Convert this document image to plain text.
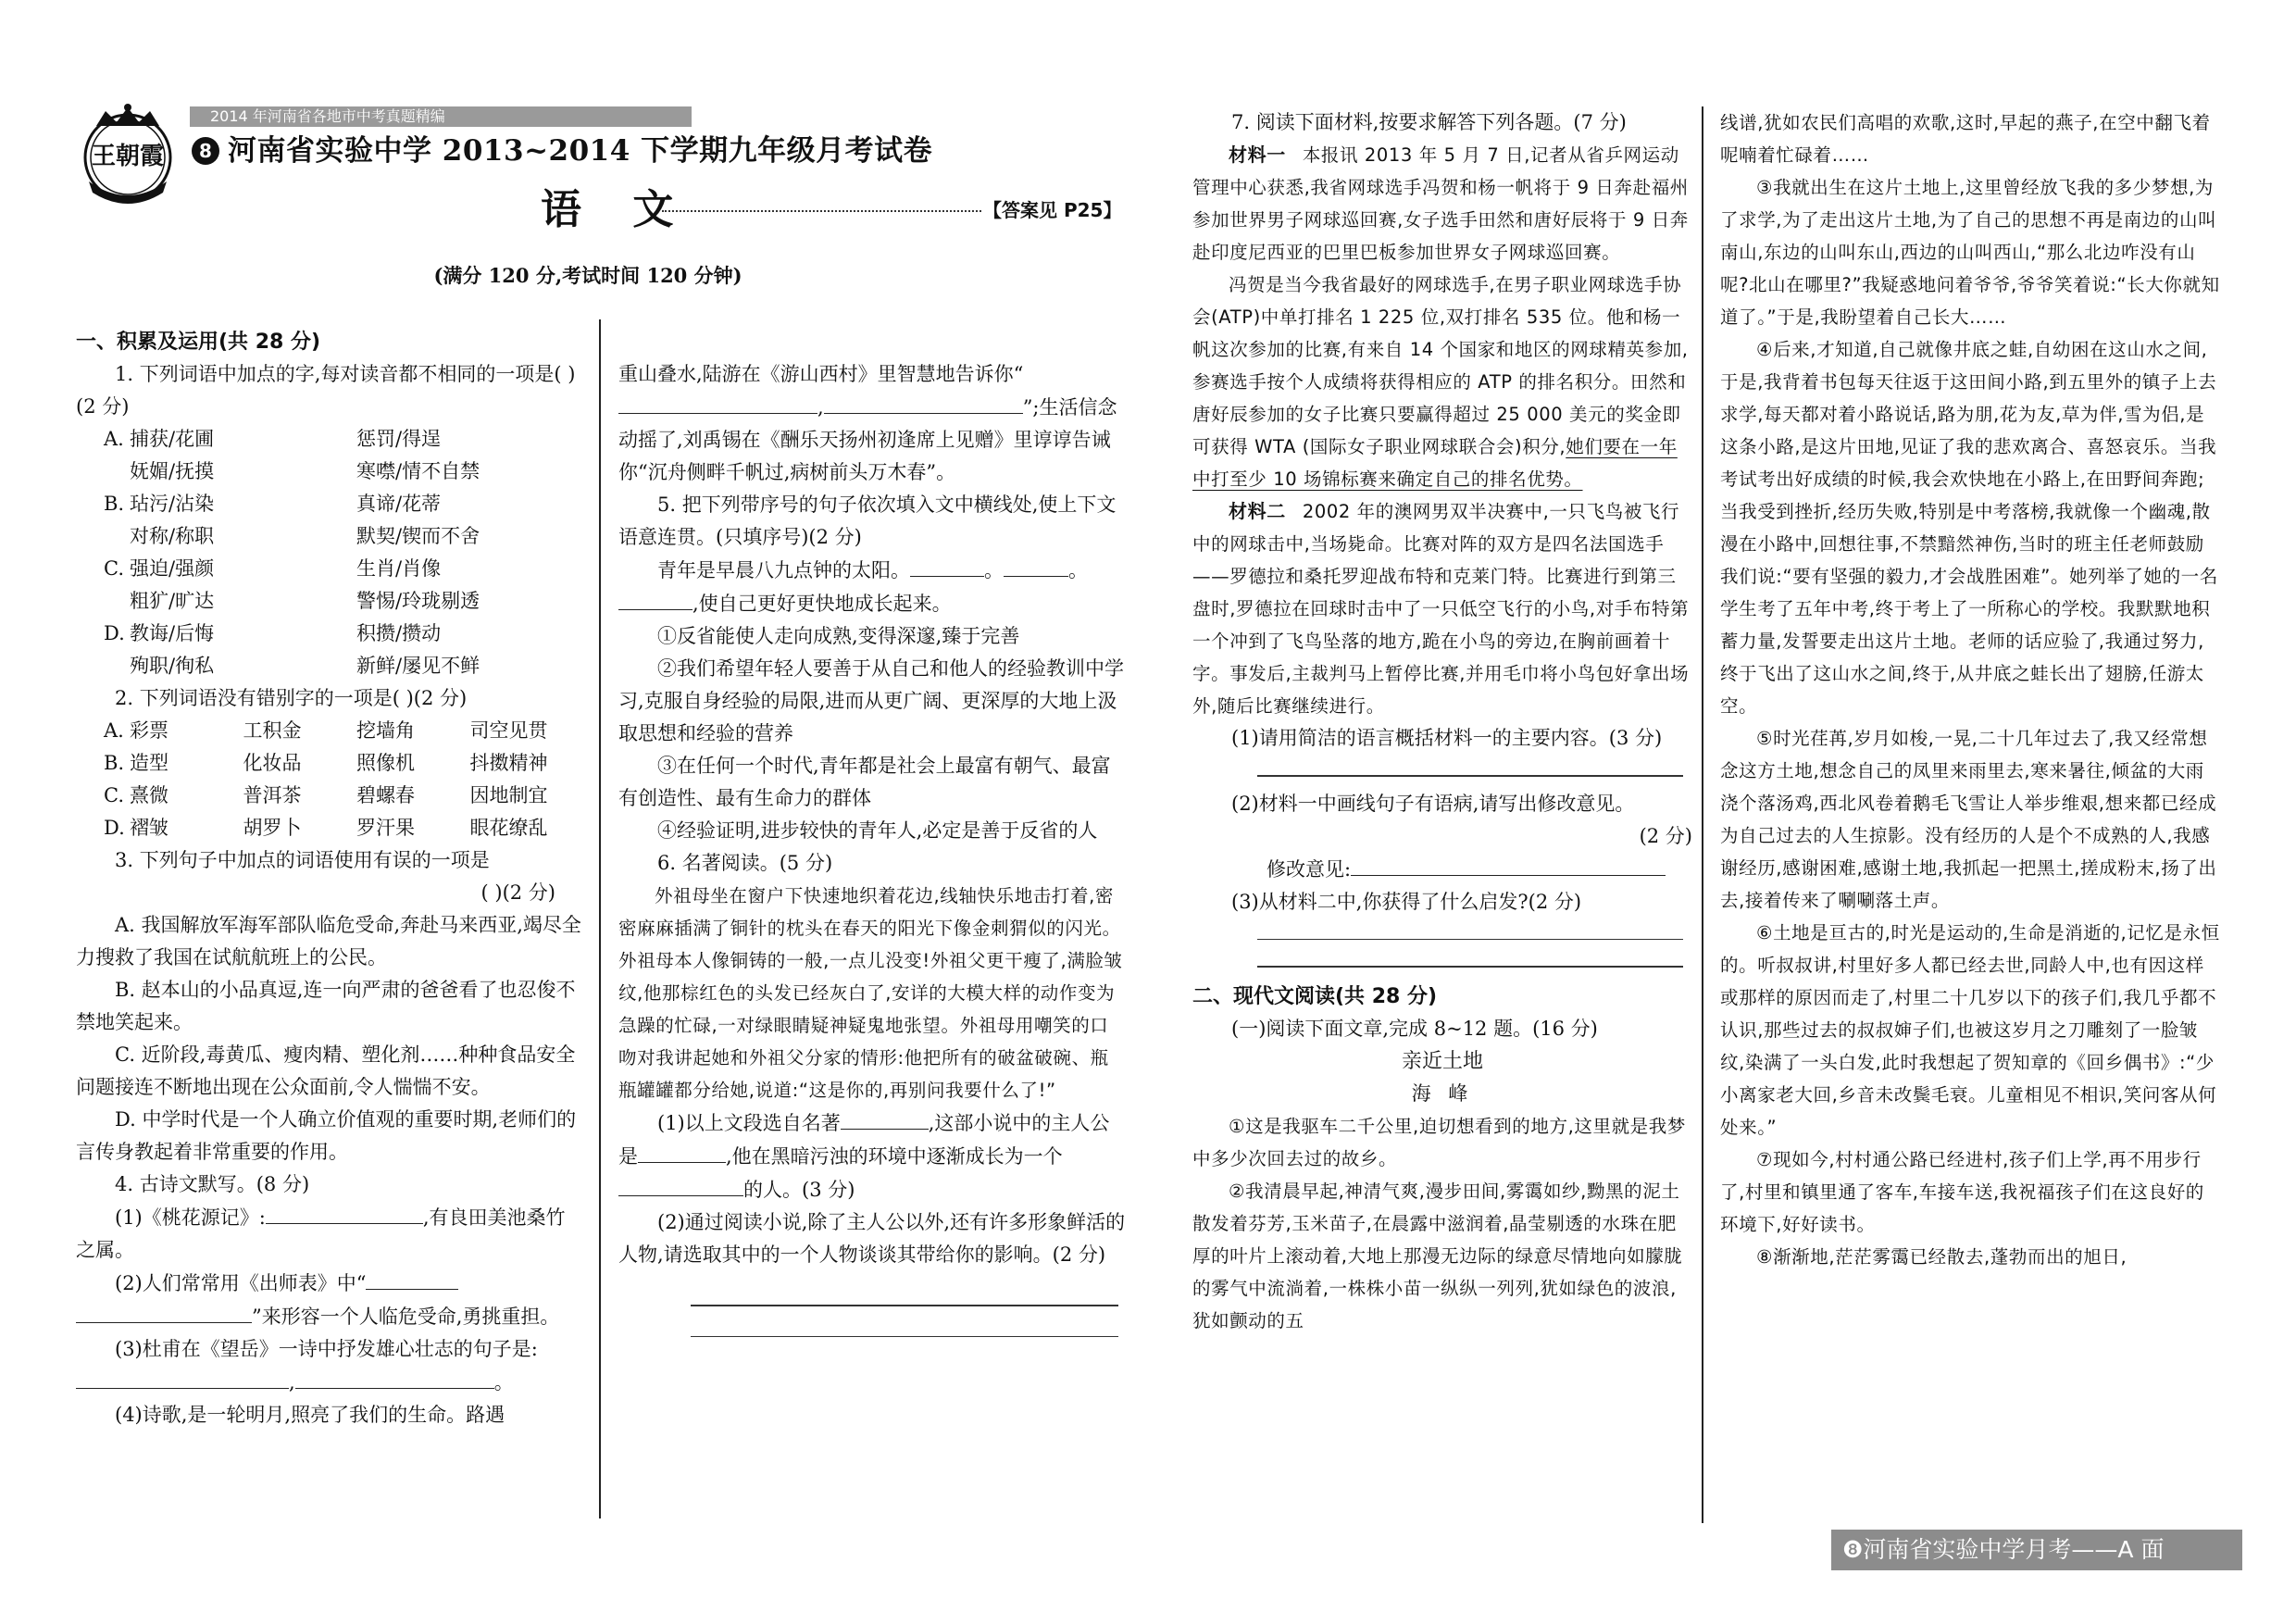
2014 年河南省各地市中考真题精编
王朝霞	8 河南省实验中学 2013~2014 下学期九年级月考试卷
语 文	【答案见 P25】
(满分 120 分,考试时间 120 分钟)

一、积累及运用(共 28 分)

1. 下列词语中加点的字,每对读音都不相同的一项是( )(2 分)

A. 捕获/花圃	惩罚/得逞
妩媚/抚摸	寒噤/情不自禁
B. 玷污/沾染	真谛/花蒂
对称/称职	默契/锲而不舍
C. 强迫/强颜	生肖/肖像
粗犷/旷达	警惕/玲珑剔透
D. 教诲/后悔	积攒/攒动
殉职/徇私	新鲜/屡见不鲜

2. 下列词语没有错别字的一项是( )(2 分)

A. 彩票	工积金	挖墙角	司空见贯
B. 造型	化妆品	照像机	抖擞精神
C. 熹微	普洱茶	碧螺春	因地制宜
D. 褶皱	胡罗卜	罗汗果	眼花缭乱

3. 下列句子中加点的词语使用有误的一项是

( )(2 分)

A. 我国解放军海军部队临危受命,奔赴马来西亚,竭尽全力搜救了我国在试航航班上的公民。

B. 赵本山的小品真逗,连一向严肃的爸爸看了也忍俊不禁地笑起来。

C. 近阶段,毒黄瓜、瘦肉精、塑化剂……种种食品安全问题接连不断地出现在公众面前,令人惴惴不安。

D. 中学时代是一个人确立价值观的重要时期,老师们的言传身教起着非常重要的作用。

4. 古诗文默写。(8 分)

(1)《桃花源记》:	,有良田美池桑竹之属。

(2)人们常常用《出师表》中“”来形容一个人临危受命,勇挑重担。

(3)杜甫在《望岳》一诗中抒发雄心壮志的句子是:,	。

(4)诗歌,是一轮明月,照亮了我们的生命。路遇

重山叠水,陆游在《游山西村》里智慧地告诉你“,	”;生活信念动摇了,刘禹锡在《酬乐天扬州初逢席上见赠》里谆谆告诫你“沉舟侧畔千帆过,病树前头万木春”。

5. 把下列带序号的句子依次填入文中横线处,使上下文语意连贯。(只填序号)(2 分)

青年是早晨八九点钟的太阳。	。	。,使自己更好更快地成长起来。

①反省能使人走向成熟,变得深邃,臻于完善

②我们希望年轻人要善于从自己和他人的经验教训中学习,克服自身经验的局限,进而从更广阔、更深厚的大地上汲取思想和经验的营养

③在任何一个时代,青年都是社会上最富有朝气、最富有创造性、最有生命力的群体

④经验证明,进步较快的青年人,必定是善于反省的人

6. 名著阅读。(5 分)

外祖母坐在窗户下快速地织着花边,线轴快乐地击打着,密密麻麻插满了铜针的枕头在春天的阳光下像金刺猬似的闪光。外祖母本人像铜铸的一般,一点儿没变!外祖父更干瘦了,满脸皱纹,他那棕红色的头发已经灰白了,安详的大模大样的动作变为急躁的忙碌,一对绿眼睛疑神疑鬼地张望。外祖母用嘲笑的口吻对我讲起她和外祖父分家的情形:他把所有的破盆破碗、瓶瓶罐罐都分给她,说道:“这是你的,再别问我要什么了!”

(1)以上文段选自名著	,这部小说中的主人公是	,他在黑暗污浊的环境中逐渐成长为一个的人。(3 分)

(2)通过阅读小说,除了主人公以外,还有许多形象鲜活的人物,请选取其中的一个人物谈谈其带给你的影响。(2 分)

7. 阅读下面材料,按要求解答下列各题。(7 分)

材料一 本报讯 2013 年 5 月 7 日,记者从省乒网运动管理中心获悉,我省网球选手冯贺和杨一帆将于 9 日奔赴福州参加世界男子网球巡回赛,女子选手田然和唐好辰将于 9 日奔赴印度尼西亚的巴里巴板参加世界女子网球巡回赛。

冯贺是当今我省最好的网球选手,在男子职业网球选手协会(ATP)中单打排名 1 225 位,双打排名 535 位。他和杨一帆这次参加的比赛,有来自 14 个国家和地区的网球精英参加,参赛选手按个人成绩将获得相应的 ATP 的排名积分。田然和唐好辰参加的女子比赛只要赢得超过 25 000 美元的奖金即可获得 WTA (国际女子职业网球联合会)积分,她们要在一年中打至少 10 场锦标赛来确定自己的排名优势。

材料二 2002 年的澳网男双半决赛中,一只飞鸟被飞行中的网球击中,当场毙命。比赛对阵的双方是四名法国选手——罗德拉和桑托罗迎战布特和克莱门特。比赛进行到第三盘时,罗德拉在回球时击中了一只低空飞行的小鸟,对手布特第一个冲到了飞鸟坠落的地方,跪在小鸟的旁边,在胸前画着十字。事发后,主裁判马上暂停比赛,并用毛巾将小鸟包好拿出场外,随后比赛继续进行。

(1)请用简洁的语言概括材料一的主要内容。(3 分)

(2)材料一中画线句子有语病,请写出修改意见。

(2 分)

修改意见:

(3)从材料二中,你获得了什么启发?(2 分)

二、现代文阅读(共 28 分)

(一)阅读下面文章,完成 8~12 题。(16 分)

亲近土地

海 峰

①这是我驱车二千公里,迫切想看到的地方,这里就是我梦中多少次回去过的故乡。

②我清晨早起,神清气爽,漫步田间,雾霭如纱,黝黑的泥土散发着芬芳,玉米苗子,在晨露中滋润着,晶莹剔透的水珠在肥厚的叶片上滚动着,大地上那漫无边际的绿意尽情地向如朦胧的雾气中流淌着,一株株小苗一纵纵一列列,犹如绿色的波浪,犹如颤动的五

线谱,犹如农民们高唱的欢歌,这时,早起的燕子,在空中翻飞着呢喃着忙碌着……

③我就出生在这片土地上,这里曾经放飞我的多少梦想,为了求学,为了走出这片土地,为了自己的思想不再是南边的山叫南山,东边的山叫东山,西边的山叫西山,“那么北边咋没有山呢?北山在哪里?”我疑惑地问着爷爷,爷爷笑着说:“长大你就知道了。”于是,我盼望着自己长大……

④后来,才知道,自己就像井底之蛙,自幼困在这山水之间,于是,我背着书包每天往返于这田间小路,到五里外的镇子上去求学,每天都对着小路说话,路为朋,花为友,草为伴,雪为侣,是这条小路,是这片田地,见证了我的悲欢离合、喜怒哀乐。当我考试考出好成绩的时候,我会欢快地在小路上,在田野间奔跑;当我受到挫折,经历失败,特别是中考落榜,我就像一个幽魂,散漫在小路中,回想往事,不禁黯然神伤,当时的班主任老师鼓励我们说:“要有坚强的毅力,才会战胜困难”。她列举了她的一名学生考了五年中考,终于考上了一所称心的学校。我默默地积蓄力量,发誓要走出这片土地。老师的话应验了,我通过努力,终于飞出了这山水之间,终于,从井底之蛙长出了翅膀,任游太空。

⑤时光荏苒,岁月如梭,一晃,二十几年过去了,我又经常想念这方土地,想念自己的凤里来雨里去,寒来暑往,倾盆的大雨浇个落汤鸡,西北风卷着鹅毛飞雪让人举步维艰,想来都已经成为自己过去的人生掠影。没有经历的人是个不成熟的人,我感谢经历,感谢困难,感谢土地,我抓起一把黑土,搓成粉末,扬了出去,接着传来了唰唰落土声。

⑥土地是亘古的,时光是运动的,生命是消逝的,记忆是永恒的。听叔叔讲,村里好多人都已经去世,同龄人中,也有因这样或那样的原因而走了,村里二十几岁以下的孩子们,我几乎都不认识,那些过去的叔叔婶子们,也被这岁月之刀雕刻了一脸皱纹,染满了一头白发,此时我想起了贺知章的《回乡偶书》:“少小离家老大回,乡音未改鬓毛衰。儿童相见不相识,笑问客从何处来。”

⑦现如今,村村通公路已经进村,孩子们上学,再不用步行了,村里和镇里通了客车,车接车送,我祝福孩子们在这良好的环境下,好好读书。

⑧渐渐地,茫茫雾霭已经散去,蓬勃而出的旭日,

❽河南省实验中学月考——A 面
